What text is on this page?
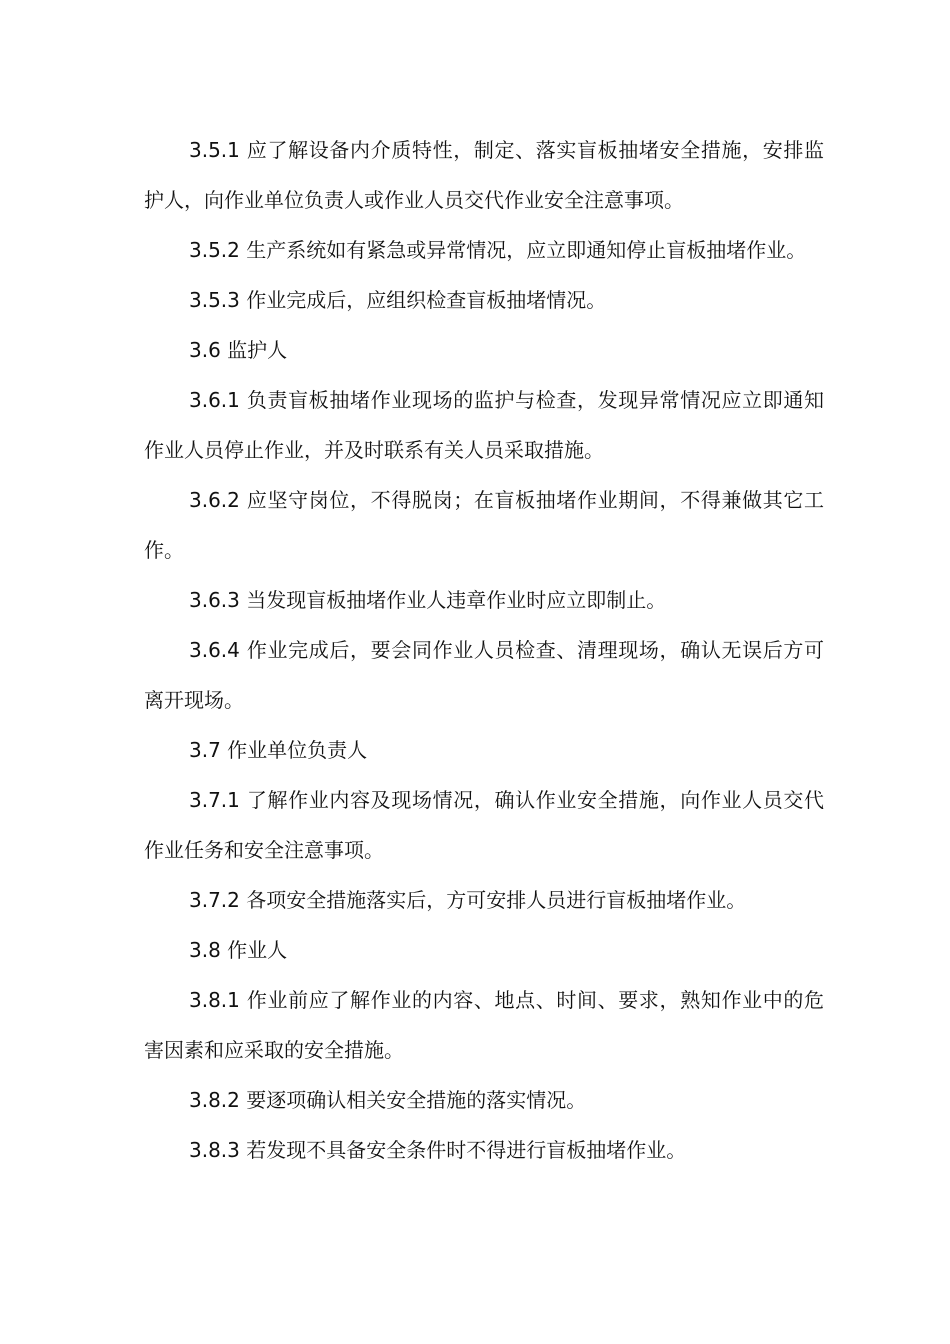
3.5.1 应了解设备内介质特性，制定、落实盲板抽堵安全措施，安排监护人，向作业单位负责人或作业人员交代作业安全注意事项。

3.5.2 生产系统如有紧急或异常情况，应立即通知停止盲板抽堵作业。

3.5.3 作业完成后，应组织检查盲板抽堵情况。

3.6 监护人

3.6.1 负责盲板抽堵作业现场的监护与检查，发现异常情况应立即通知作业人员停止作业，并及时联系有关人员采取措施。

3.6.2 应坚守岗位，不得脱岗；在盲板抽堵作业期间，不得兼做其它工作。

3.6.3 当发现盲板抽堵作业人违章作业时应立即制止。

3.6.4 作业完成后，要会同作业人员检查、清理现场，确认无误后方可离开现场。

3.7 作业单位负责人

3.7.1 了解作业内容及现场情况，确认作业安全措施，向作业人员交代作业任务和安全注意事项。

3.7.2 各项安全措施落实后，方可安排人员进行盲板抽堵作业。

3.8 作业人

3.8.1 作业前应了解作业的内容、地点、时间、要求，熟知作业中的危害因素和应采取的安全措施。

3.8.2 要逐项确认相关安全措施的落实情况。

3.8.3 若发现不具备安全条件时不得进行盲板抽堵作业。
